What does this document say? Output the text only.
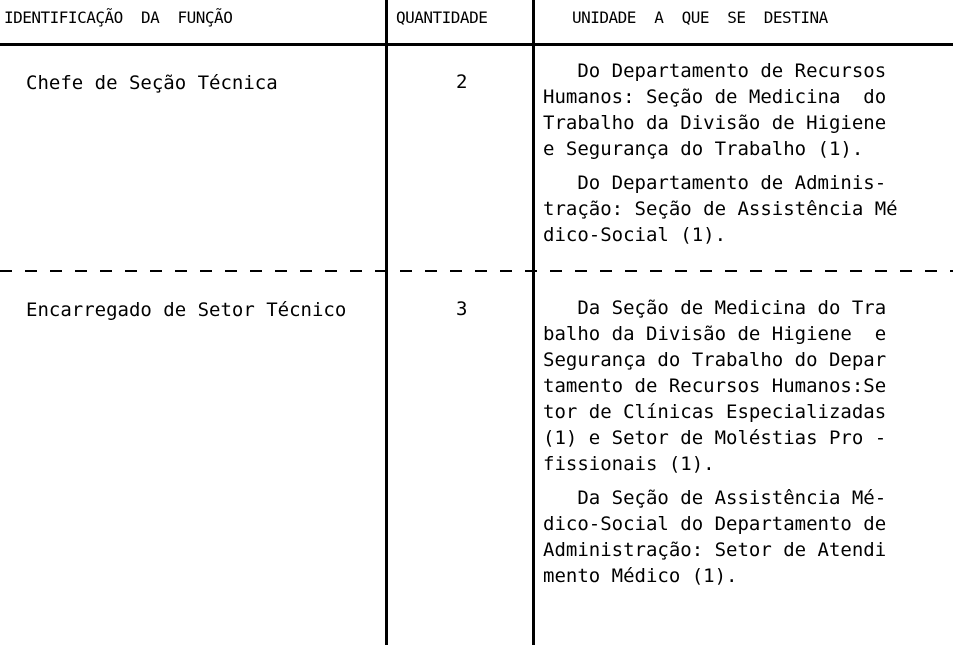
IDENTIFICAÇÃO  DA  FUNÇÃO	QUANTIDADE	UNIDADE  A  QUE  SE  DESTINA
Chefe de Seção Técnica	2	Do Departamento de Recursos
Humanos: Seção de Medicina  do
Trabalho da Divisão de Higiene
e Segurança do Trabalho (1).
Do Departamento de Adminis-
tração: Seção de Assistência Mé
dico-Social (1).
Encarregado de Setor Técnico	3	Da Seção de Medicina do Tra
balho da Divisão de Higiene  e
Segurança do Trabalho do Depar
tamento de Recursos Humanos:Se
tor de Clínicas Especializadas
(1) e Setor de Moléstias Pro -
fissionais (1).
Da Seção de Assistência Mé-
dico-Social do Departamento de
Administração: Setor de Atendi
mento Médico (1).
